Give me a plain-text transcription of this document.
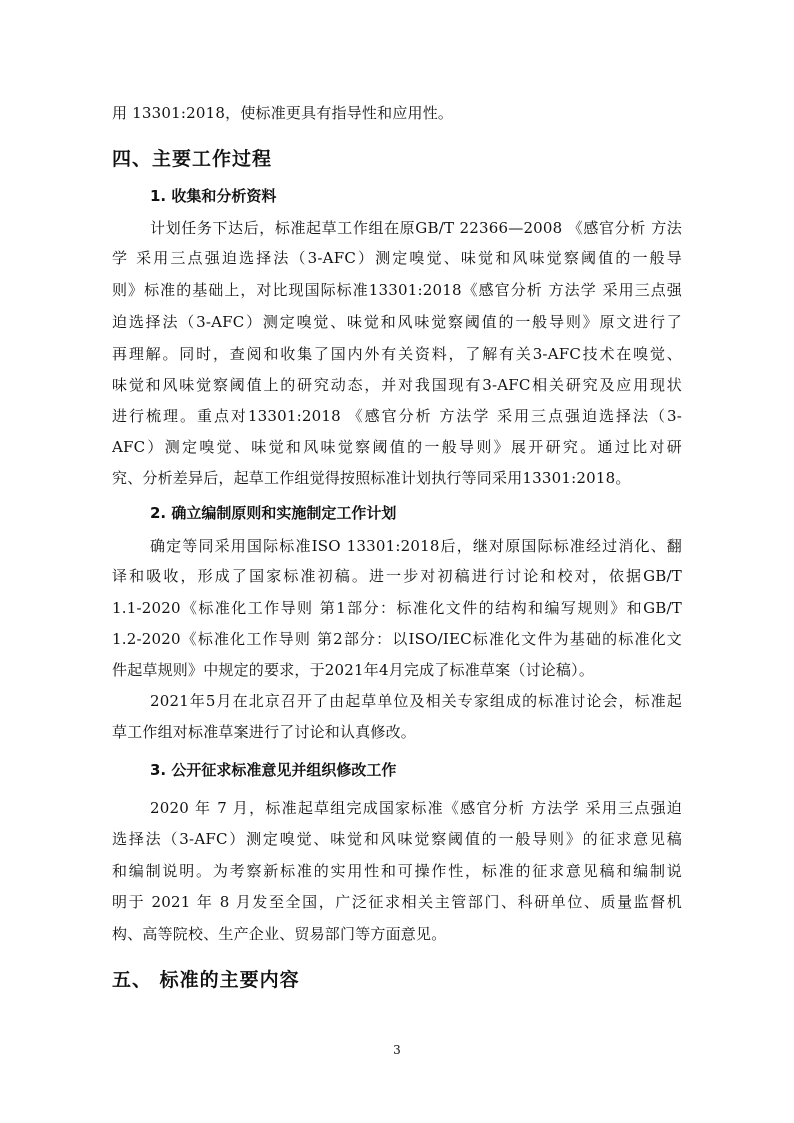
用 13301:2018，使标准更具有指导性和应用性。
四、主要工作过程
1. 收集和分析资料
计划任务下达后，标准起草工作组在原GB/T 22366—2008 《感官分析 方法
学 采用三点强迫选择法（3-AFC）测定嗅觉、味觉和风味觉察阈值的一般导
则》标准的基础上，对比现国际标准13301:2018《感官分析 方法学 采用三点强
迫选择法（3-AFC）测定嗅觉、味觉和风味觉察阈值的一般导则》原文进行了
再理解。同时，查阅和收集了国内外有关资料，了解有关3-AFC技术在嗅觉、
味觉和风味觉察阈值上的研究动态，并对我国现有3-AFC相关研究及应用现状
进行梳理。重点对13301:2018 《感官分析 方法学 采用三点强迫选择法（3-
AFC）测定嗅觉、味觉和风味觉察阈值的一般导则》展开研究。通过比对研
究、分析差异后，起草工作组觉得按照标准计划执行等同采用13301:2018。
2. 确立编制原则和实施制定工作计划
确定等同采用国际标准ISO 13301:2018后，继对原国际标准经过消化、翻
译和吸收，形成了国家标准初稿。进一步对初稿进行讨论和校对，依据GB/T
1.1-2020《标准化工作导则 第1部分：标准化文件的结构和编写规则》和GB/T
1.2-2020《标准化工作导则 第2部分：以ISO/IEC标准化文件为基础的标准化文
件起草规则》中规定的要求，于2021年4月完成了标准草案（讨论稿）。
2021年5月在北京召开了由起草单位及相关专家组成的标准讨论会，标准起
草工作组对标准草案进行了讨论和认真修改。
3. 公开征求标准意见并组织修改工作
2020 年 7 月，标准起草组完成国家标准《感官分析 方法学 采用三点强迫
选择法（3-AFC）测定嗅觉、味觉和风味觉察阈值的一般导则》的征求意见稿
和编制说明。为考察新标准的实用性和可操作性，标准的征求意见稿和编制说
明于 2021 年 8 月发至全国，广泛征求相关主管部门、科研单位、质量监督机
构、高等院校、生产企业、贸易部门等方面意见。
五、 标准的主要内容
3
